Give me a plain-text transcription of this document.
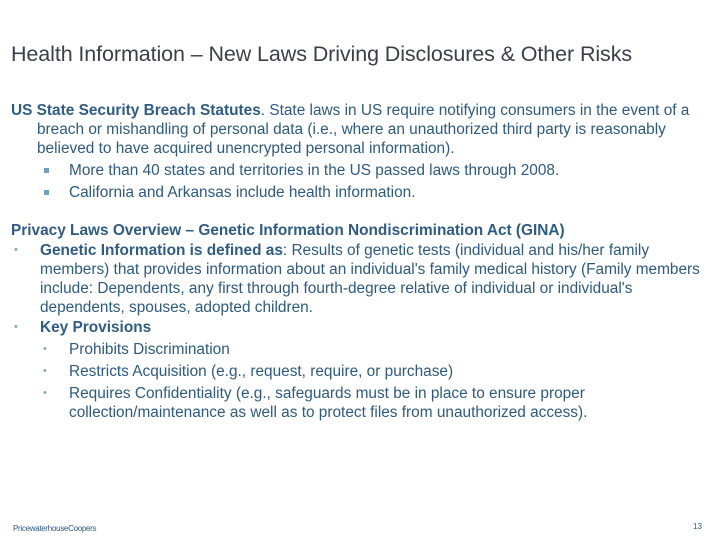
Health Information – New Laws Driving Disclosures & Other Risks
US State Security Breach Statutes. State laws in US require notifying consumers in the event of a breach or mishandling of personal data (i.e., where an unauthorized third party is reasonably believed to have acquired unencrypted personal information).
More than 40 states and territories in the US passed laws through 2008.
California and Arkansas include health information.
Privacy Laws Overview – Genetic Information Nondiscrimination Act (GINA)
• Genetic Information is defined as: Results of genetic tests (individual and his/her family members) that provides information about an individual's family medical history (Family members include: Dependents, any first through fourth-degree relative of individual or individual's dependents, spouses, adopted children.
• Key Provisions
• Prohibits Discrimination
• Restricts Acquisition (e.g., request, require, or purchase)
• Requires Confidentiality (e.g., safeguards must be in place to ensure proper collection/maintenance as well as to protect files from unauthorized access).
PricewaterhouseCoopers	13
